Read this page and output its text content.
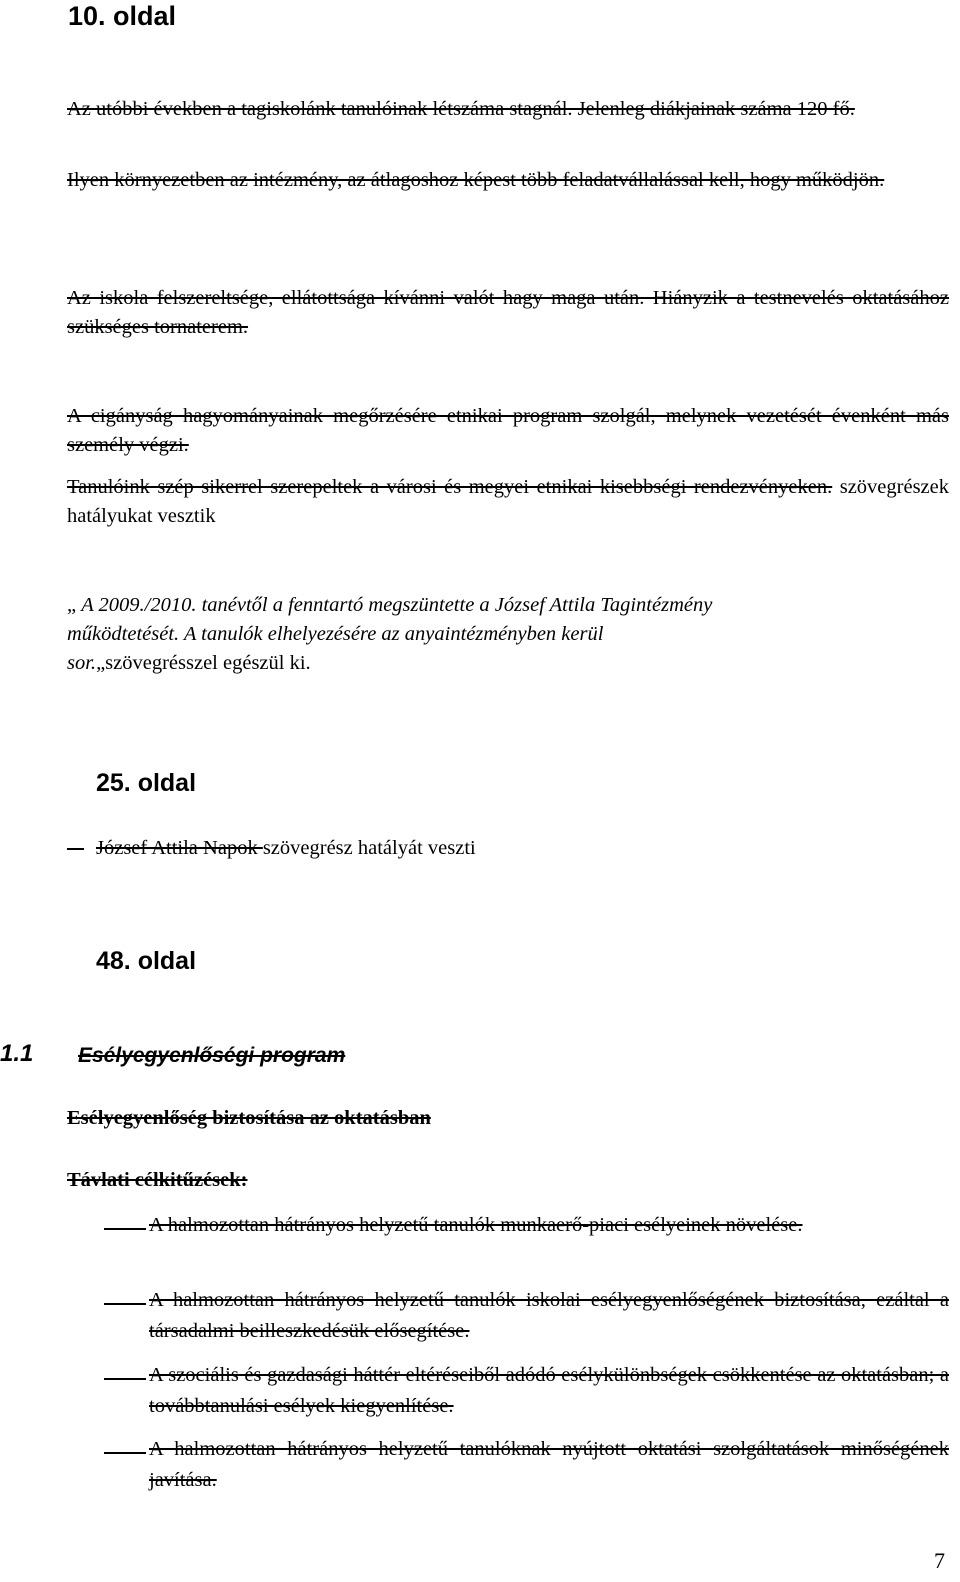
10. oldal
Az utóbbi években a tagiskolánk tanulóinak létszáma stagnál. Jelenleg diákjainak száma 120 fő.
Ilyen környezetben az intézmény, az átlagoshoz képest több feladatvállalással kell, hogy működjön.
Az iskola felszereltsége, ellátottsága kívánni valót hagy maga után. Hiányzik a testnevelés oktatásához szükséges tornaterem.
A cigányság hagyományainak megőrzésére etnikai program szolgál, melynek vezetését évenként más személy végzi.
Tanulóink szép sikerrel szerepeltek a városi és megyei etnikai kisebbségi rendezvényeken. szövegrészek hatályukat vesztik
„ A 2009./2010. tanévtől a fenntartó megszüntette a József Attila Tagintézmény
működtetését. A tanulók elhelyezésére az anyaintézményben kerül
sor.„szövegrésszel egészül ki.
25. oldal
József Attila Napok szövegrész hatályát veszti
48. oldal
1.1 Esélyegyenlőségi program
Esélyegyenlőség biztosítása az oktatásban
Távlati célkitűzések:
A halmozottan hátrányos helyzetű tanulók munkaerő-piaci esélyeinek növelése.
A halmozottan hátrányos helyzetű tanulók iskolai esélyegyenlőségének biztosítása, ezáltal a társadalmi beilleszkedésük elősegítése.
A szociális és gazdasági háttér eltéréseiből adódó esélykülönbségek csökkentése az oktatásban; a továbbtanulási esélyek kiegyenlítése.
A halmozottan hátrányos helyzetű tanulóknak nyújtott oktatási szolgáltatások minőségének javítása.
7
